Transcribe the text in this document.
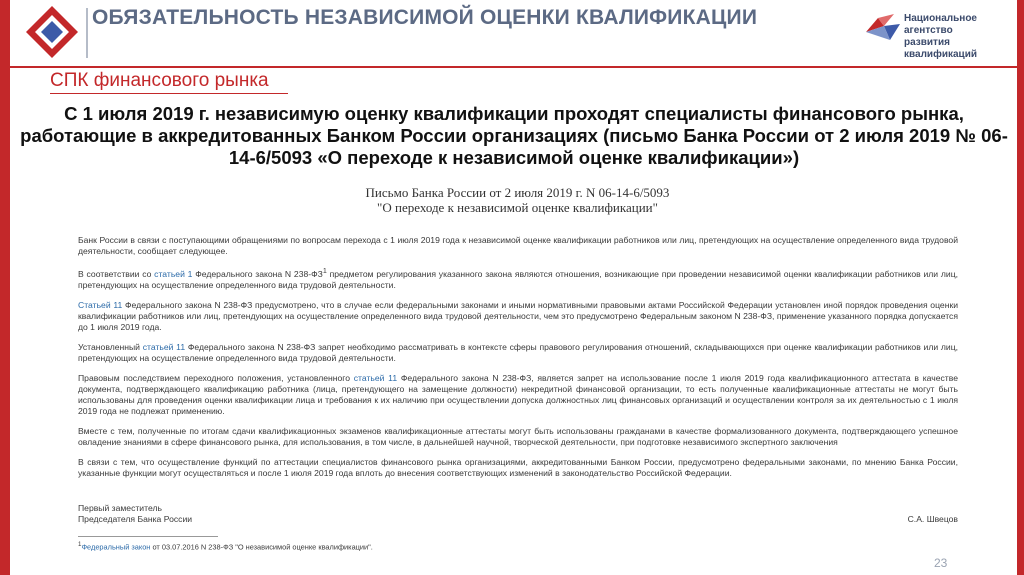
ОБЯЗАТЕЛЬНОСТЬ НЕЗАВИСИМОЙ ОЦЕНКИ КВАЛИФИКАЦИИ	Национальное агентство
развития квалификаций
СПК финансового рынка
С 1 июля 2019 г. независимую оценку квалификации проходят специалисты финансового рынка, работающие в аккредитованных Банком России организациях (письмо Банка России от 2 июля 2019 № 06-14-6/5093 «О переходе к независимой оценке квалификации»)

Письмо Банка России от 2 июля 2019 г. N 06-14-6/5093

"О переходе к независимой оценке квалификации"

Банк России в связи с поступающими обращениями по вопросам перехода с 1 июля 2019 года к независимой оценке квалификации работников или лиц, претендующих на осуществление определенного вида трудовой деятельности, сообщает следующее.

В соответствии со статьей 1 Федерального закона N $238-ФЗ^1$ предметом регулирования указанного закона являются отношения, возникающие при проведении независимой оценки квалификации работников или лиц, претендующих на осуществление определенного вида трудовой деятельности.

Статьей 11 Федерального закона N 238-ФЗ предусмотрено, что в случае если федеральными законами и иными нормативными правовыми актами Российской Федерации установлен иной порядок проведения оценки квалификации работников или лиц, претендующих на осуществление определенного вида трудовой деятельности, чем это предусмотрено Федеральным законом N 238-ФЗ, применение указанного порядка допускается до 1 июля 2019 года.

Установленный статьей 11 Федерального закона N 238-ФЗ запрет необходимо рассматривать в контексте сферы правового регулирования отношений, складывающихся при оценке квалификации работников или лиц, претендующих на осуществление определенного вида трудовой деятельности.

Правовым последствием переходного положения, установленного статьей 11 Федерального закона N 238-ФЗ, является запрет на использование после 1 июля 2019 года квалификационного аттестата в качестве документа, подтверждающего квалификацию работника (лица, претендующего на замещение должности) некредитной финансовой организации, то есть полученные квалификационные аттестаты не могут быть использованы для проведения оценки квалификации лица и требования к их наличию при осуществлении допуска должностных лиц финансовых организаций и осуществлении контроля за их деятельностью с 1 июля 2019 года не подлежат применению.

Вместе с тем, полученные по итогам сдачи квалификационных экзаменов квалификационные аттестаты могут быть использованы гражданами в качестве формализованного документа, подтверждающего успешное овладение знаниями в сфере финансового рынка, для использования, в том числе, в дальнейшей научной, творческой деятельности, при подготовке независимого экспертного заключения

В связи с тем, что осуществление функций по аттестации специалистов финансового рынка организациями, аккредитованными Банком России, предусмотрено федеральными законами, по мнению Банка России, указанные функции могут осуществляться и после 1 июля 2019 года вплоть до внесения соответствующих изменений в законодательство Российской Федерации.

Первый заместитель
Председателя Банка России	С.А. Швецов
$^1$Федеральный закон от 03.07.2016 N 238-ФЗ "О независимой оценке квалификации".
23
